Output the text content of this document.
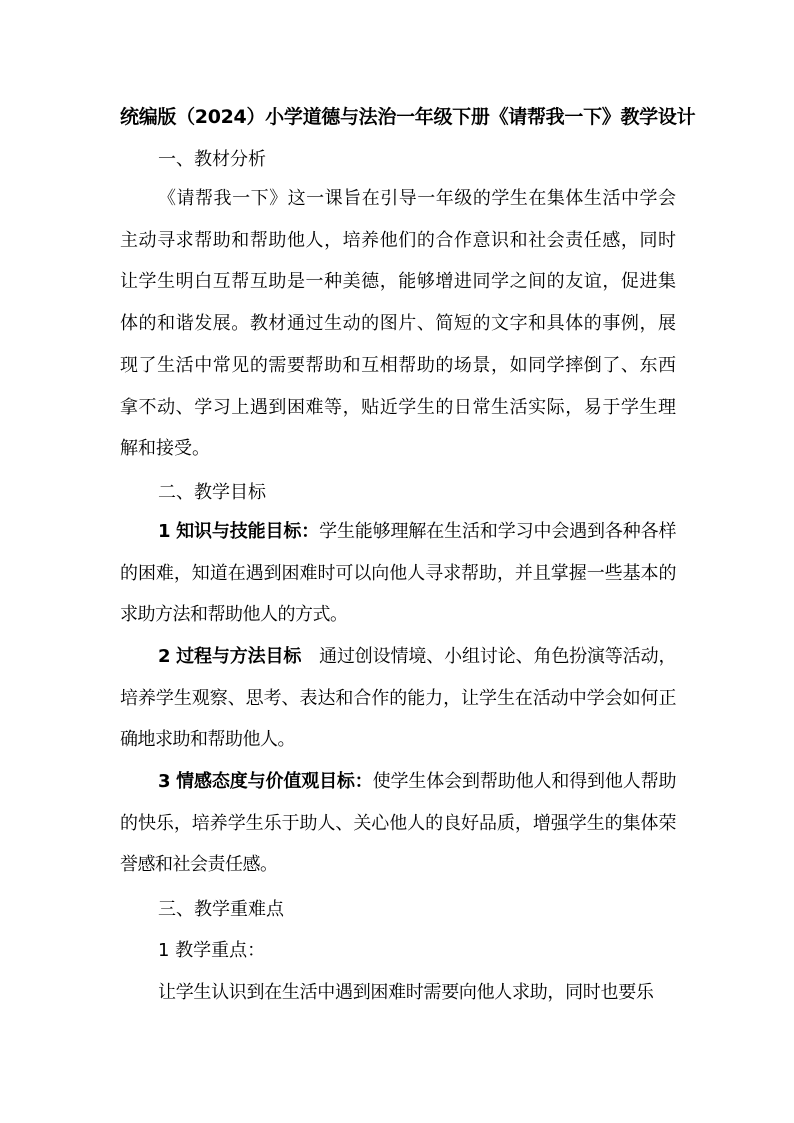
统编版（2024）小学道德与法治一年级下册《请帮我一下》教学设计
一、教材分析

《请帮我一下》这一课旨在引导一年级的学生在集体生活中学会主动寻求帮助和帮助他人，培养他们的合作意识和社会责任感，同时让学生明白互帮互助是一种美德，能够增进同学之间的友谊，促进集体的和谐发展。教材通过生动的图片、简短的文字和具体的事例，展现了生活中常见的需要帮助和互相帮助的场景，如同学摔倒了、东西拿不动、学习上遇到困难等，贴近学生的日常生活实际，易于学生理解和接受。

二、教学目标

1 知识与技能目标：学生能够理解在生活和学习中会遇到各种各样的困难，知道在遇到困难时可以向他人寻求帮助，并且掌握一些基本的求助方法和帮助他人的方式。

2 过程与方法目标  通过创设情境、小组讨论、角色扮演等活动，培养学生观察、思考、表达和合作的能力，让学生在活动中学会如何正确地求助和帮助他人。

3 情感态度与价值观目标：使学生体会到帮助他人和得到他人帮助的快乐，培养学生乐于助人、关心他人的良好品质，增强学生的集体荣誉感和社会责任感。

三、教学重难点
1 教学重点：

让学生认识到在生活中遇到困难时需要向他人求助，同时也要乐
